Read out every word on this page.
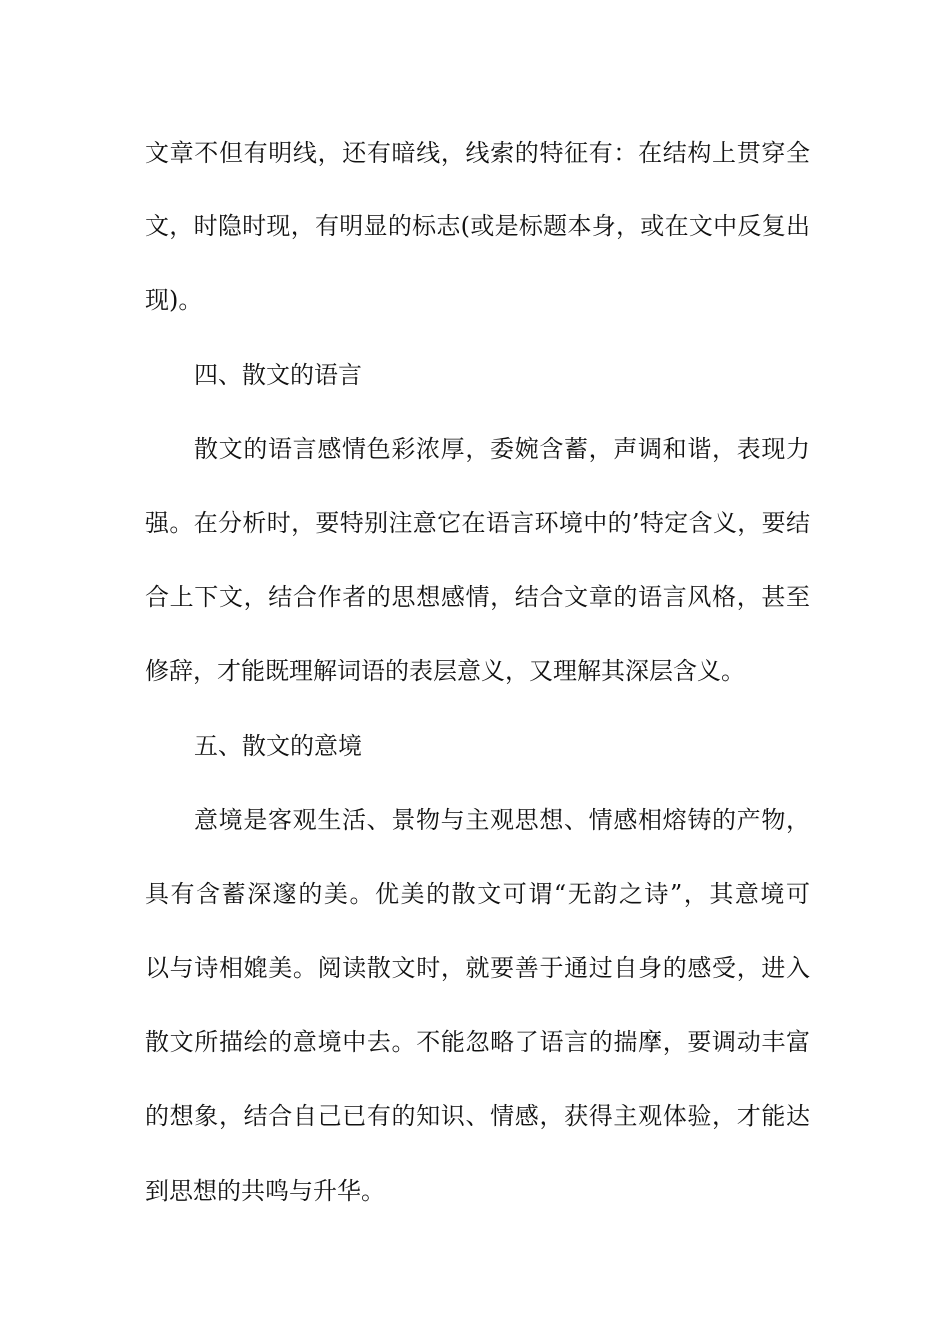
文章不但有明线，还有暗线，线索的特征有：在结构上贯穿全
文，时隐时现，有明显的标志(或是标题本身，或在文中反复出
现)。
四、散文的语言
散文的语言感情色彩浓厚，委婉含蓄，声调和谐，表现力
强。在分析时，要特别注意它在语言环境中的’特定含义，要结
合上下文，结合作者的思想感情，结合文章的语言风格，甚至
修辞，才能既理解词语的表层意义，又理解其深层含义。
五、散文的意境
意境是客观生活、景物与主观思想、情感相熔铸的产物，
具有含蓄深邃的美。优美的散文可谓“无韵之诗”，其意境可
以与诗相媲美。阅读散文时，就要善于通过自身的感受，进入
散文所描绘的意境中去。不能忽略了语言的揣摩，要调动丰富
的想象，结合自己已有的知识、情感，获得主观体验，才能达
到思想的共鸣与升华。
